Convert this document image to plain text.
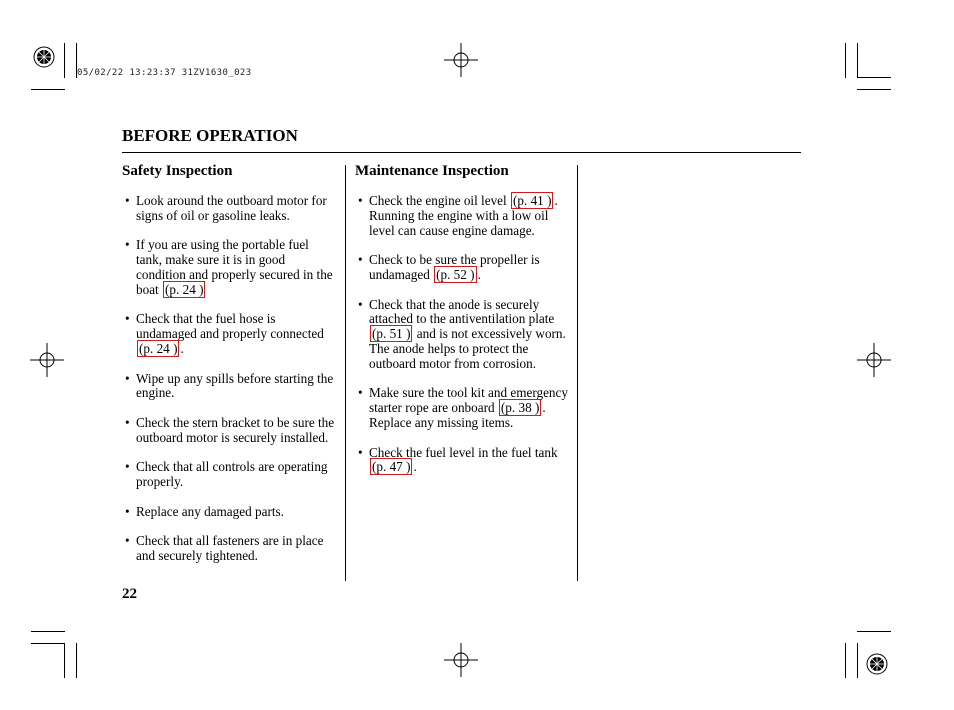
05/02/22 13:23:37 31ZV1630_023
BEFORE OPERATION
Safety Inspection
• Look around the outboard motor for signs of oil or gasoline leaks.
• If you are using the portable fuel tank, make sure it is in good condition and properly secured in the boat (p. 24 )
• Check that the fuel hose is undamaged and properly connected (p. 24 ) .
• Wipe up any spills before starting the engine.
• Check the stern bracket to be sure the outboard motor is securely installed.
• Check that all controls are operating properly.
• Replace any damaged parts.
• Check that all fasteners are in place and securely tightened.
Maintenance Inspection
• Check the engine oil level (p. 41 ) . Running the engine with a low oil level can cause engine damage.
• Check to be sure the propeller is undamaged (p. 52 ) .
• Check that the anode is securely attached to the antiventilation plate (p. 51 ) and is not excessively worn. The anode helps to protect the outboard motor from corrosion.
• Make sure the tool kit and emergency starter rope are onboard (p. 38 ) . Replace any missing items.
• Check the fuel level in the fuel tank (p. 47 ) .
22
